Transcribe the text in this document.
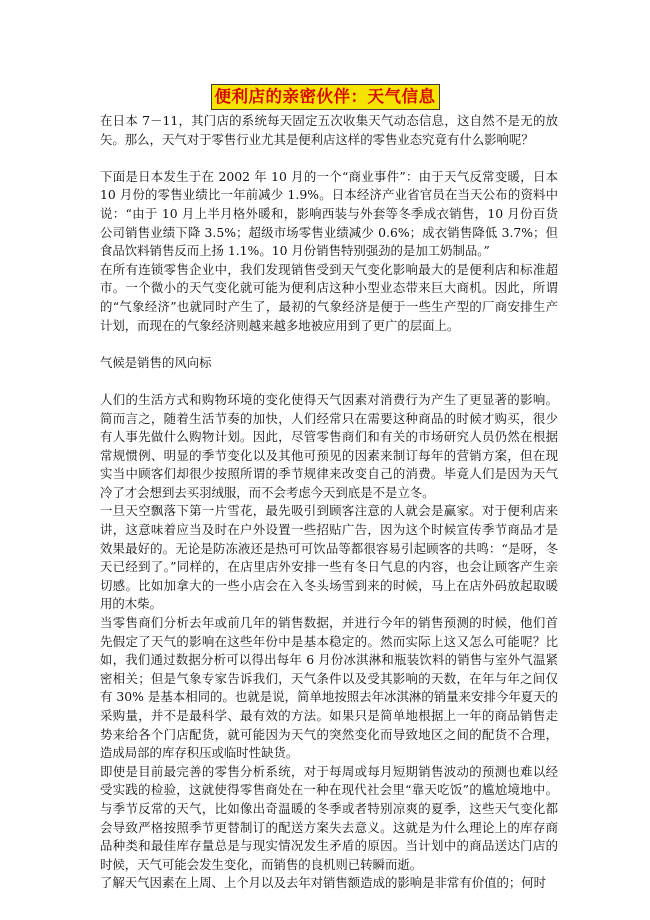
便利店的亲密伙伴：天气信息

在日本 7－11，其门店的系统每天固定五次收集天气动态信息，这自然不是无的放矢。那么，天气对于零售行业尤其是便利店这样的零售业态究竟有什么影响呢？

下面是日本发生于在 2002 年 10 月的一个“商业事件”：由于天气反常变暖，日本 10 月份的零售业绩比一年前减少 1.9%。日本经济产业省官员在当天公布的资料中说：“由于 10 月上半月格外暖和，影响西装与外套等冬季成衣销售，10 月份百货公司销售业绩下降 3.5%；超级市场零售业绩减少 0.6%；成衣销售降低 3.7%；但食品饮料销售反而上扬 1.1%。10 月份销售特别强劲的是加工奶制品。”

在所有连锁零售企业中，我们发现销售受到天气变化影响最大的是便利店和标准超市。一个微小的天气变化就可能为便利店这种小型业态带来巨大商机。因此，所谓的“气象经济”也就同时产生了，最初的气象经济是便于一些生产型的厂商安排生产计划，而现在的气象经济则越来越多地被应用到了更广的层面上。

气候是销售的风向标

人们的生活方式和购物环境的变化使得天气因素对消费行为产生了更显著的影响。简而言之，随着生活节奏的加快，人们经常只在需要这种商品的时候才购买，很少有人事先做什么购物计划。因此，尽管零售商们和有关的市场研究人员仍然在根据常规惯例、明显的季节变化以及其他可预见的因素来制订每年的营销方案，但在现实当中顾客们却很少按照所谓的季节规律来改变自己的消费。毕竟人们是因为天气冷了才会想到去买羽绒服，而不会考虑今天到底是不是立冬。

一旦天空飘落下第一片雪花，最先吸引到顾客注意的人就会是赢家。对于便利店来讲，这意味着应当及时在户外设置一些招贴广告，因为这个时候宣传季节商品才是效果最好的。无论是防冻液还是热可可饮品等都很容易引起顾客的共鸣：“是呀，冬天已经到了。”同样的，在店里店外安排一些有冬日气息的内容，也会让顾客产生亲切感。比如加拿大的一些小店会在入冬头场雪到来的时候，马上在店外码放起取暖用的木柴。

当零售商们分析去年或前几年的销售数据，并进行今年的销售预测的时候，他们首先假定了天气的影响在这些年份中是基本稳定的。然而实际上这又怎么可能呢？比如，我们通过数据分析可以得出每年 6 月份冰淇淋和瓶装饮料的销售与室外气温紧密相关；但是气象专家告诉我们，天气条件以及受其影响的天数，在年与年之间仅有 30% 是基本相同的。也就是说，简单地按照去年冰淇淋的销量来安排今年夏天的采购量，并不是最科学、最有效的方法。如果只是简单地根据上一年的商品销售走势来给各个门店配货，就可能因为天气的突然变化而导致地区之间的配货不合理，造成局部的库存积压或临时性缺货。

即使是目前最完善的零售分析系统，对于每周或每月短期销售波动的预测也难以经受实践的检验，这就使得零售商处在一种在现代社会里“靠天吃饭”的尴尬境地中。与季节反常的天气，比如像出奇温暖的冬季或者特别凉爽的夏季，这些天气变化都会导致严格按照季节更替制订的配送方案失去意义。这就是为什么理论上的库存商品种类和最佳库存量总是与现实情况发生矛盾的原因。当计划中的商品送达门店的时候，天气可能会发生变化，而销售的良机则已转瞬而逝。

了解天气因素在上周、上个月以及去年对销售额造成的影响是非常有价值的；何时
